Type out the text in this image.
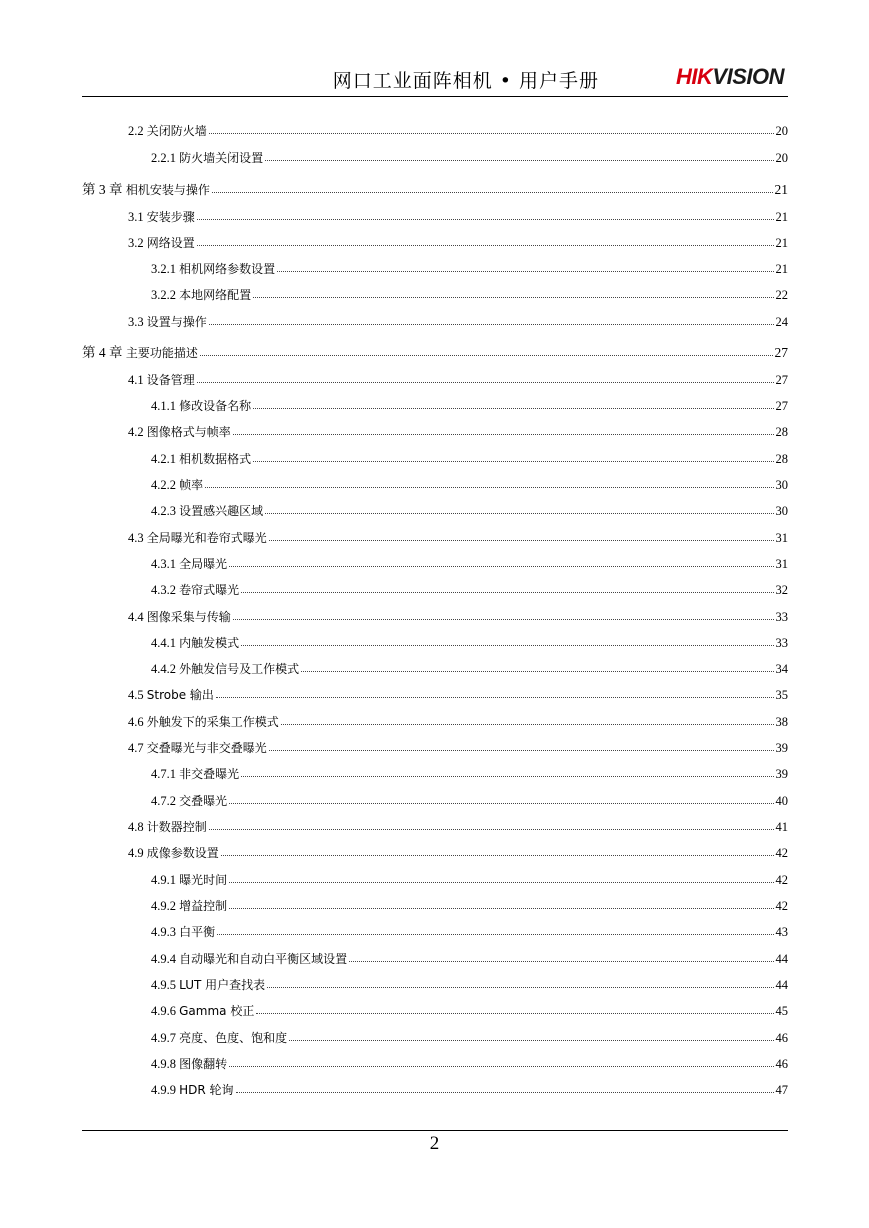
网口工业面阵相机 • 用户手册	HIKVISION
2.2 关闭防火墙	20
2.2.1 防火墙关闭设置	20
第 3 章 相机安装与操作	21
3.1 安装步骤	21
3.2 网络设置	21
3.2.1 相机网络参数设置	21
3.2.2 本地网络配置	22
3.3 设置与操作	24
第 4 章 主要功能描述	27
4.1 设备管理	27
4.1.1 修改设备名称	27
4.2 图像格式与帧率	28
4.2.1 相机数据格式	28
4.2.2 帧率	30
4.2.3 设置感兴趣区域	30
4.3 全局曝光和卷帘式曝光	31
4.3.1 全局曝光	31
4.3.2 卷帘式曝光	32
4.4 图像采集与传输	33
4.4.1 内触发模式	33
4.4.2 外触发信号及工作模式	34
4.5 Strobe 输出	35
4.6 外触发下的采集工作模式	38
4.7 交叠曝光与非交叠曝光	39
4.7.1 非交叠曝光	39
4.7.2 交叠曝光	40
4.8 计数器控制	41
4.9 成像参数设置	42
4.9.1 曝光时间	42
4.9.2 增益控制	42
4.9.3 白平衡	43
4.9.4 自动曝光和自动白平衡区域设置	44
4.9.5 LUT 用户查找表	44
4.9.6 Gamma 校正	45
4.9.7 亮度、色度、饱和度	46
4.9.8 图像翻转	46
4.9.9 HDR 轮询	47
2
